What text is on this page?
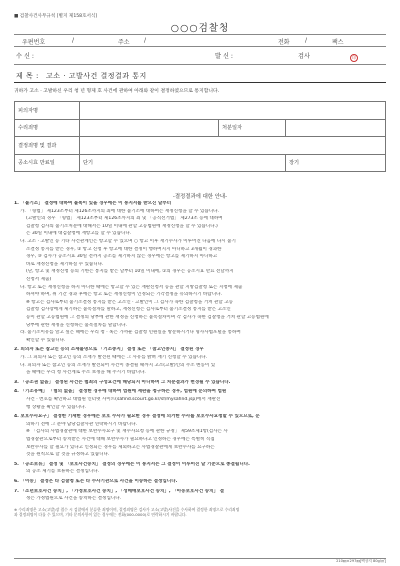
■ 검찰사건사무규칙 [별지 제158호서식]
○○○검찰청
우편번호	/	주소 /	전화	/	팩스
수 신 :	발 신 :	검사	印
제 목 : 고소 · 고발사건 결정결과 통지
귀하가 고소 · 고발하신 우리 청 년 형제 호 사건에 관하여 아래와 같이 결정하였으므로 통지합니다.
피의자명			
수리죄명		처분일자	
결정죄명 및 결과			
공소시효 만료일	단기		장기
-결정결과에 대한 안내-
1. 「불기소」 결정에 대하여 불복이 있을 경우에는 이 통지서를 받으신 날부터
가. 「형법」 제123조부터 제126조까지의 죄에 대한 불기소에 대하여는 재정신청을 할 수 있습니다.
(고발인의 경우 「형법」 제123조부터 제126조까지의 죄 및 「공직선거법」 제273조 등에 대하여
검찰청 검사의 불기소처분에 대해서는 10일 이내에 관할 고등법원에 재정신청을 할 수 있습니다.)
은 30일 이내에 대검찰청에 재항고를 할 수 있습니다.
나. 고소 · 고발인 등 기타 사건관계인은 항고할 수 있으며 ○ 항고 이후 재기수사가 이루어진 다음에 다시 불기
소결정 통지를 받은 경우, ② 항고 신청 후 항고에 대한 결정이 행하여지지 아니하고 3개월이 경과한
경우, ③ 검사가 공소시효 30일 전까지 공소를 제기하지 않는 경우에는 항고를 제기하지 아니하고
바로 재정신청을 제기하실 수 있습니다.
(단, 항고 및 재정신청 등의 기한은 통지를 받은 날부터 10일 이내에, ①의 경우는 공소시효 만료 전날까지
신청서 제출)
다. 항고 또는 재정신청을 하지 아니한 때에는 항고할 수 있는 재판신청서 등을 관할 지방검찰청 또는 지청에 제출
하셔야 하며, 위 기간 경과 후에는 항고 또는 재정신청이 인정되는 기각결정을 유의하시기 바랍니다.
※ 항고는 검사로부터 불기소결정 통지를 받은 고소인 · 고발인이 그 검사가 속한 검찰청을 거쳐 관할 고등
검찰청 검사장에게 제기하는 불복절차를 말하고, 재정신청은 검사로부터 불기소결정 통지를 받은 고소인
등이 관할 고등법원에 그 결정의 당부에 관한 재정을 신청하는 불복절차이며 각 검사가 속한 검찰청을 거쳐 관할 고등법원에
당부에 관한 재정을 신청하는 불복절차를 말합니다.
라. 불기소이유를 알고 싶은 때에는 우리 청 · 혹은 가까운 검찰청 민원실을 방문하시거나 형사사법포털을 통하여
확인할 수 있습니다.
2. 피의자 또는 참고인 등의 소재불명으로 「기소중지」 결정 또는 「참고인중지」 결정된 경우
가. 그 피의자 또는 참고인 등의 소재가 발견된 때에는 그 사유를 밝혀 재기 신청할 수 있습니다.
나. 피의자 또는 참고인 등의 소재가 발견되어 사건이 종결될 때까지 고소(고발)인의 주소 변동이 있
을 때에는 우리 청 사건계로 주소 보정을 해 주시기 바랍니다.
3. 「공소권 없음」 결정된 사건은 범죄의 구성요건에 해당되지 아니하며 그 처분결과가 변경될 수 있습니다.
4. 「기소유예」 「혐의 없음」 결정한 경우에 대하여 법원에 재판을 청구하는 경우, 법원에 문의하여 법원
사건 · 번호를 확인하고 대법원 인터넷 사이트(safind.scourt.go.kr/sf/mysafind.jsp)에서 재판진
행 상황을 확인할 수 있습니다.
4. 보호수사요구」 결정한 기재한 경우에는 보호 수사가 필요한 경우 결정에 의거한 수사를 보호수사요청할 수 있으므로, 문
의하기 전에 그 분야 담당검찰사관 연락하시기 바랍니다.
※ 「검사의 사법경찰관에 대한 보완수사요구 및 재수사요청 등에 관한 규정」 제59조제1항(검사는 사
법경찰관으로부터 송치받은 사건에 대해 보완수사가 필요하다고 인정하는 경우에는 특별히 직접
보완수사를 할 필요가 있다고 인정되는 경우를 제외하고는 사법경찰관에게 보완수사를 요구하는
것을 원칙으로 할 것을 규정하고 있습니다.
5. 「공소보류」 결정 및 「보호사건송치」 결정의 경우에는 이 통지서는 그 결정이 이루어진 날 기준으로 종결됩니다.
의 공소 제기를 보류하는 결정입니다.
6. 「이송」 결정은 타 검찰청 또는 타 수사기관으로 사건을 이송하는 결정입니다.
7. 「소년보호사건 송치」, 「가정보호사건 송치」, 「성매매보호사건 송치」, 「아동보호사건 송치」 결
정은 가정법원으로 사건을 송치하는 결정입니다.
※ 수리죄명은 고소(고발)장 접수 시 검찰에서 분류한 죄명이며, 결정죄명은 검사가 고소(고발)사건을 수사하여 결정한 죄명으로 수리죄명
과 결정죄명이 다를 수 있으며, 기타 문의사항이 있는 경우에는 전화(000-0000)로 연락하시기 바랍니다.
210㎜×297㎜[백상지 80g/㎡]
